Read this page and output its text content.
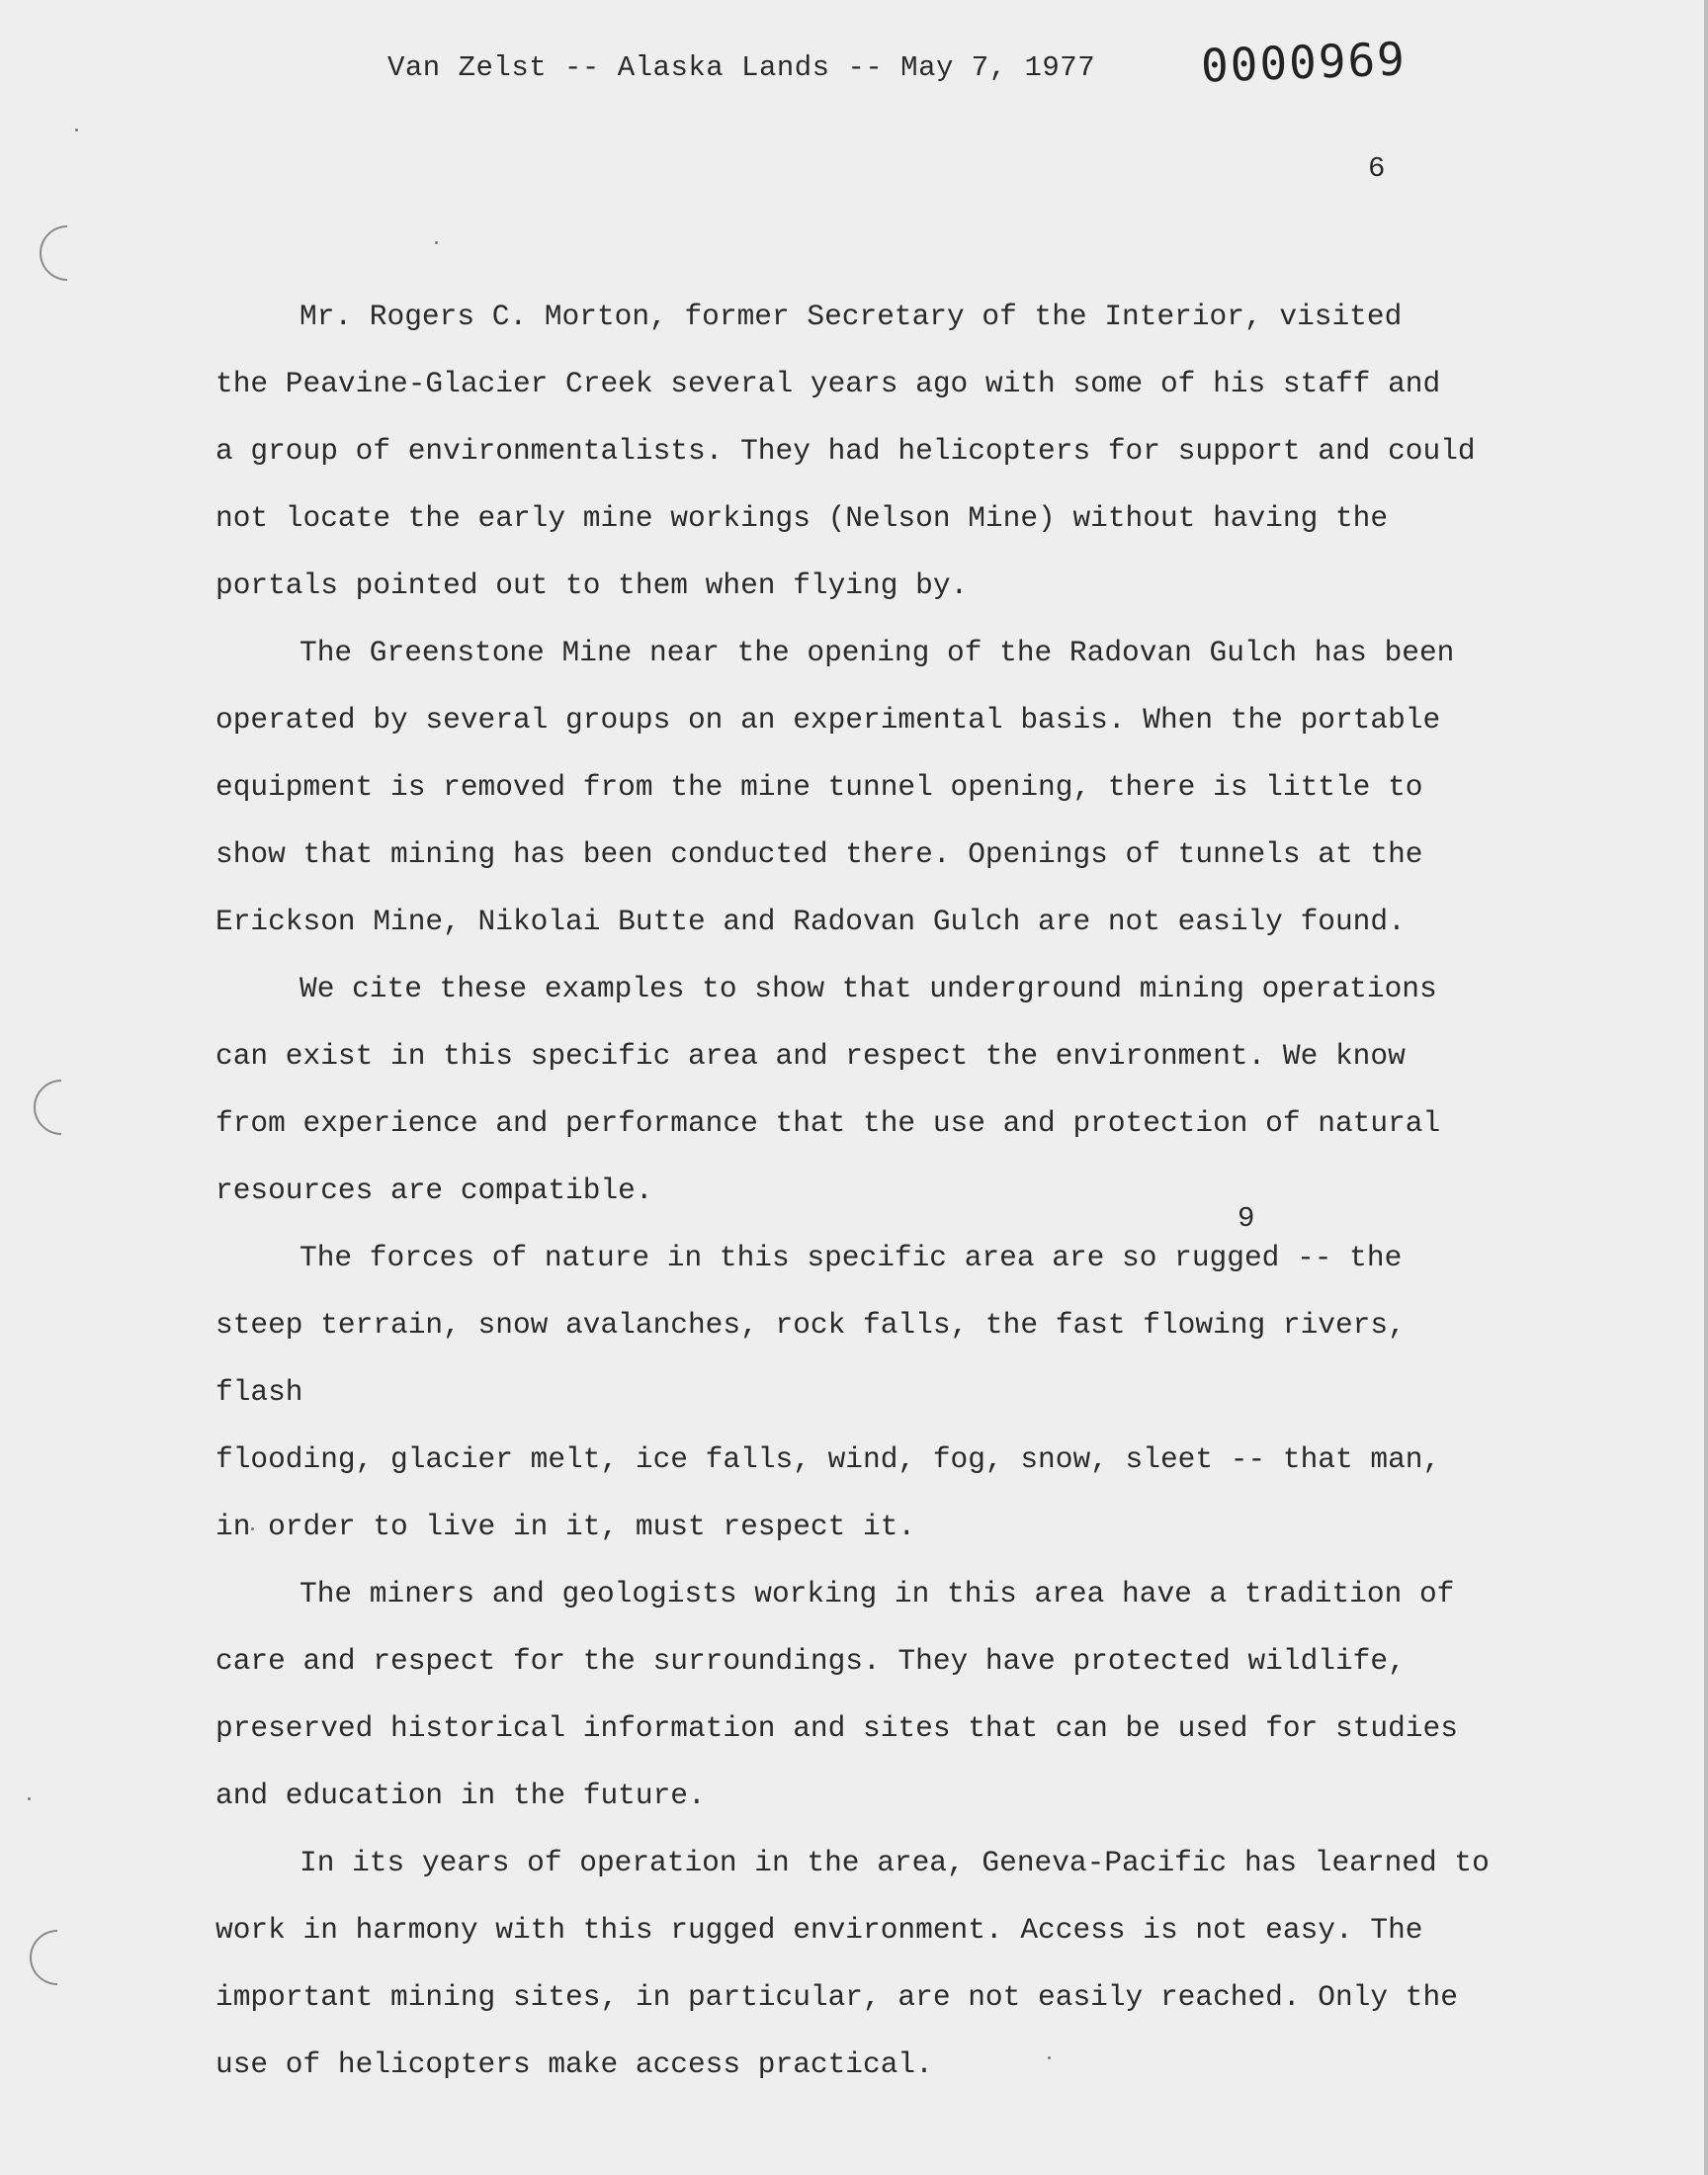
Van Zelst -- Alaska Lands -- May 7, 1977 0000969
6
9

Mr. Rogers C. Morton, former Secretary of the Interior, visited
the Peavine-Glacier Creek several years ago with some of his staff and
a group of environmentalists. They had helicopters for support and could
not locate the early mine workings (Nelson Mine) without having the
portals pointed out to them when flying by.

The Greenstone Mine near the opening of the Radovan Gulch has been
operated by several groups on an experimental basis. When the portable
equipment is removed from the mine tunnel opening, there is little to
show that mining has been conducted there. Openings of tunnels at the
Erickson Mine, Nikolai Butte and Radovan Gulch are not easily found.

We cite these examples to show that underground mining operations
can exist in this specific area and respect the environment. We know
from experience and performance that the use and protection of natural
resources are compatible.

The forces of nature in this specific area are so rugged -- the
steep terrain, snow avalanches, rock falls, the fast flowing rivers, flash
flooding, glacier melt, ice falls, wind, fog, snow, sleet -- that man,
in order to live in it, must respect it.

The miners and geologists working in this area have a tradition of
care and respect for the surroundings. They have protected wildlife,
preserved historical information and sites that can be used for studies
and education in the future.

In its years of operation in the area, Geneva-Pacific has learned to
work in harmony with this rugged environment. Access is not easy. The
important mining sites, in particular, are not easily reached. Only the
use of helicopters make access practical.
